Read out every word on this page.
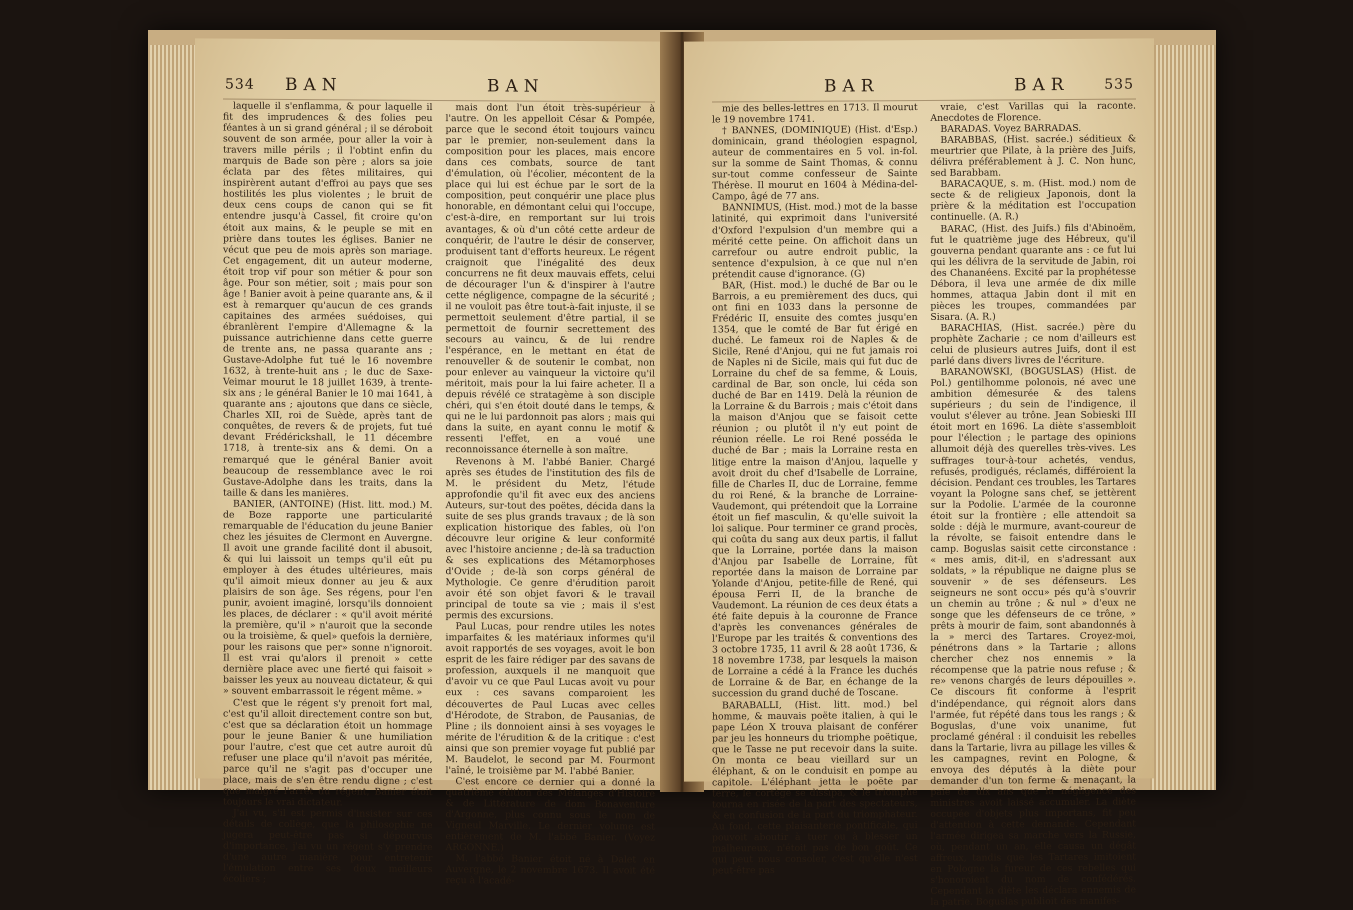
534 BAN	BAN

laquelle il s'enflamma, & pour laquelle il fit des imprudences & des folies peu féantes à un si grand général ; il se déroboit souvent de son armée, pour aller la voir à travers mille périls ; il l'obtint enfin du marquis de Bade son père ; alors sa joie éclata par des fêtes militaires, qui inspirèrent autant d'effroi au pays que ses hostilités les plus violentes ; le bruit de deux cens coups de canon qui se fit entendre jusqu'à Cassel, fit croire qu'on étoit aux mains, & le peuple se mit en prière dans toutes les églises. Banier ne vécut que peu de mois après son mariage. Cet engagement, dit un auteur moderne, étoit trop vif pour son métier & pour son âge. Pour son métier, soit ; mais pour son âge ! Banier avoit à peine quarante ans, & il est à remarquer qu'aucun de ces grands capitaines des armées suédoises, qui ébranlèrent l'empire d'Allemagne & la puissance autrichienne dans cette guerre de trente ans, ne passa quarante ans ; Gustave-Adolphe fut tué le 16 novembre 1632, à trente-huit ans ; le duc de Saxe-Veimar mourut le 18 juillet 1639, à trente-six ans ; le général Banier le 10 mai 1641, à quarante ans ; ajoutons que dans ce siècle, Charles XII, roi de Suède, après tant de conquêtes, de revers & de projets, fut tué devant Frédérickshall, le 11 décembre 1718, à trente-six ans & demi. On a remarqué que le général Banier avoit beaucoup de ressemblance avec le roi Gustave-Adolphe dans les traits, dans la taille & dans les manières.

BANIER, (ANTOINE) (Hist. litt. mod.) M. de Boze rapporte une particularité remarquable de l'éducation du jeune Banier chez les jésuites de Clermont en Auvergne. Il avoit une grande facilité dont il abusoit, & qui lui laissoit un temps qu'il eût pu employer à des études ultérieures, mais qu'il aimoit mieux donner au jeu & aux plaisirs de son âge. Ses régens, pour l'en punir, avoient imaginé, lorsqu'ils donnoient les places, de déclarer : « qu'il avoit mérité la première, qu'il » n'auroit que la seconde ou la troisième, & quel» quefois la dernière, pour les raisons que per» sonne n'ignoroit. Il est vrai qu'alors il prenoit » cette dernière place avec une fierté qui faisoit » baisser les yeux au nouveau dictateur, & qui » souvent embarrassoit le régent même. »

C'est que le régent s'y prenoit fort mal, c'est qu'il alloit directement contre son but, c'est que sa déclaration étoit un hommage pour le jeune Banier & une humiliation pour l'autre, c'est que cet autre auroit dû refuser une place qu'il n'avoit pas méritée, parce qu'il ne s'agit pas d'occuper une place, mais de s'en être rendu digne ; c'est que malgré l'arrêt du régent, Banier étoit toujours le vrai dictateur.

J'ai vu, s'il est permis d'insister sur ces détails de collège, que la philosophie ne jugera peut-être pas si dépourvus d'importance, j'ai vu un régent s'y prendre d'une autre manière pour entretenir l'émulation entre ses deux meilleurs écoliers ;

mais dont l'un étoit très-supérieur à l'autre. On les appelloit César & Pompée, parce que le second étoit toujours vaincu par le premier, non-seulement dans la composition pour les places, mais encore dans ces combats, source de tant d'émulation, où l'écolier, mécontent de la place qui lui est échue par le sort de la composition, peut conquérir une place plus honorable, en démontant celui qui l'occupe, c'est-à-dire, en remportant sur lui trois avantages, & où d'un côté cette ardeur de conquérir, de l'autre le désir de conserver, produisent tant d'efforts heureux. Le régent craignoit que l'inégalité des deux concurrens ne fit deux mauvais effets, celui de décourager l'un & d'inspirer à l'autre cette négligence, compagne de la sécurité ; il ne vouloit pas être tout-à-fait injuste, il se permettoit seulement d'être partial, il se permettoit de fournir secrettement des secours au vaincu, & de lui rendre l'espérance, en le mettant en état de renouveller & de soutenir le combat, non pour enlever au vainqueur la victoire qu'il méritoit, mais pour la lui faire acheter. Il a depuis révélé ce stratagème à son disciple chéri, qui s'en étoit douté dans le temps, & qui ne le lui pardonnoit pas alors ; mais qui dans la suite, en ayant connu le motif & ressenti l'effet, en a voué une reconnoissance éternelle à son maître.

Revenons à M. l'abbé Banier. Chargé après ses études de l'institution des fils de M. le président du Metz, l'étude approfondie qu'il fit avec eux des anciens Auteurs, sur-tout des poëtes, décida dans la suite de ses plus grands travaux ; de là son explication historique des fables, où l'on découvre leur origine & leur conformité avec l'histoire ancienne ; de-là sa traduction & ses explications des Métamorphoses d'Ovide ; de-là son corps général de Mythologie. Ce genre d'érudition paroit avoir été son objet favori & le travail principal de toute sa vie ; mais il s'est permis des excursions.

Paul Lucas, pour rendre utiles les notes imparfaites & les matériaux informes qu'il avoit rapportés de ses voyages, avoit le bon esprit de les faire rédiger par des savans de profession, auxquels il ne manquoit que d'avoir vu ce que Paul Lucas avoit vu pour eux : ces savans comparoient les découvertes de Paul Lucas avec celles d'Hérodote, de Strabon, de Pausanias, de Pline ; ils donnoient ainsi à ses voyages le mérite de l'érudition & de la critique : c'est ainsi que son premier voyage fut publié par M. Baudelot, le second par M. Fourmont l'aîné, le troisième par M. l'abbé Banier.

C'est encore ce dernier qui a donné la quatrième édition des Mélanges d'Histoire & de Littérature de dom Bonaventure d'Argonne, plus connu sous le nom de Vigneul Marville. Le dernier volume est entièrement de M. l'abbé Banier. (Voyez ARGONNE.)

M. l'abbé Banier étoit né à Dalet en Auvergne, le 2 novembre 1673. Il avoit été reçu à l'acadé-

BAR	BAR 535

mie des belles-lettres en 1713. Il mourut le 19 novembre 1741.

† BANNES, (DOMINIQUE) (Hist. d'Esp.) dominicain, grand théologien espagnol, auteur de commentaires en 5 vol. in-fol. sur la somme de Saint Thomas, & connu sur-tout comme confesseur de Sainte Thérèse. Il mourut en 1604 à Médina-del-Campo, âgé de 77 ans.

BANNIMUS, (Hist. mod.) mot de la basse latinité, qui exprimoit dans l'université d'Oxford l'expulsion d'un membre qui a mérité cette peine. On affichoit dans un carrefour ou autre endroit public, la sentence d'expulsion, à ce que nul n'en prétendit cause d'ignorance. (G)

BAR, (Hist. mod.) le duché de Bar ou le Barrois, a eu premièrement des ducs, qui ont fini en 1033 dans la personne de Frédéric II, ensuite des comtes jusqu'en 1354, que le comté de Bar fut érigé en duché. Le fameux roi de Naples & de Sicile, René d'Anjou, qui ne fut jamais roi de Naples ni de Sicile, mais qui fut duc de Lorraine du chef de sa femme, & Louis, cardinal de Bar, son oncle, lui céda son duché de Bar en 1419. Delà la réunion de la Lorraine & du Barrois ; mais c'étoit dans la maison d'Anjou que se faisoit cette réunion ; ou plutôt il n'y eut point de réunion réelle. Le roi René posséda le duché de Bar ; mais la Lorraine resta en litige entre la maison d'Anjou, laquelle y avoit droit du chef d'Isabelle de Lorraine, fille de Charles II, duc de Lorraine, femme du roi René, & la branche de Lorraine-Vaudemont, qui prétendoit que la Lorraine étoit un fief masculin, & qu'elle suivoit la loi salique. Pour terminer ce grand procès, qui coûta du sang aux deux partis, il fallut que la Lorraine, portée dans la maison d'Anjou par Isabelle de Lorraine, fût reportée dans la maison de Lorraine par Yolande d'Anjou, petite-fille de René, qui épousa Ferri II, de la branche de Vaudemont. La réunion de ces deux états a été faite depuis à la couronne de France d'après les convenances générales de l'Europe par les traités & conventions des 3 octobre 1735, 11 avril & 28 août 1736, & 18 novembre 1738, par lesquels la maison de Lorraine a cédé à la France les duchés de Lorraine & de Bar, en échange de la succession du grand duché de Toscane.

BARABALLI, (Hist. litt. mod.) bel homme, & mauvais poëte italien, à qui le pape Léon X trouva plaisant de conférer par jeu les honneurs du triomphe poëtique, que le Tasse ne put recevoir dans la suite. On monta ce beau vieillard sur un éléphant, & on le conduisit en pompe au capitole. L'éléphant jetta le poëte par terre, le cortège se dissipa, & le triomphe tourna en risée de la part des spectateurs, & en confusion de la part du triomphateur. Au fond, cette plaisanterie pontificale, qui pouvoit aboutir à tuer ou à blesser un malheureux, n'étoit pas de bon goût. Ce qui peut nous consoler, c'est qu'elle n'est peut-être pas

vraie, c'est Varillas qui la raconte. Anecdotes de Florence.

BARADAS. Voyez BARRADAS.

BARABBAS, (Hist. sacrée.) séditieux & meurtrier que Pilate, à la prière des Juifs, délivra préférablement à J. C. Non hunc, sed Barabbam.

BARACAQUE, s. m. (Hist. mod.) nom de secte & de religieux Japonois, dont la prière & la méditation est l'occupation continuelle. (A. R.)

BARAC, (Hist. des Juifs.) fils d'Abinoëm, fut le quatrième juge des Hébreux, qu'il gouverna pendant quarante ans : ce fut lui qui les délivra de la servitude de Jabin, roi des Chananéens. Excité par la prophétesse Débora, il leva une armée de dix mille hommes, attaqua Jabin dont il mit en pièces les troupes, commandées par Sisara. (A. R.)

BARACHIAS, (Hist. sacrée.) père du prophète Zacharie ; ce nom d'ailleurs est celui de plusieurs autres Juifs, dont il est parlé dans divers livres de l'écriture.

BARANOWSKI, (BOGUSLAS) (Hist. de Pol.) gentilhomme polonois, né avec une ambition démesurée & des talens supérieurs ; du sein de l'indigence, il voulut s'élever au trône. Jean Sobieski III étoit mort en 1696. La diète s'assembloit pour l'élection ; le partage des opinions allumoit déjà des querelles très-vives. Les suffrages tour-à-tour achetés, vendus, refusés, prodigués, réclamés, différoient la décision. Pendant ces troubles, les Tartares voyant la Pologne sans chef, se jettèrent sur la Podolie. L'armée de la couronne étoit sur la frontière ; elle attendoit sa solde : déjà le murmure, avant-coureur de la révolte, se faisoit entendre dans le camp. Boguslas saisit cette circonstance : « mes amis, dit-il, en s'adressant aux soldats, » la république ne daigne plus se souvenir » de ses défenseurs. Les seigneurs ne sont occu» pés qu'à s'ouvrir un chemin au trône ; & nul » d'eux ne songe que les défenseurs de ce trône, » prêts à mourir de faim, sont abandonnés à la » merci des Tartares. Croyez-moi, pénétrons dans » la Tartarie ; allons chercher chez nos ennemis » la récompense que la patrie nous refuse ; & re» venons chargés de leurs dépouilles ». Ce discours fit conforme à l'esprit d'indépendance, qui régnoit alors dans l'armée, fut répété dans tous les rangs ; & Boguslas, d'une voix unanime, fut proclamé général : il conduisit les rebelles dans la Tartarie, livra au pillage les villes & les campagnes, revint en Pologne, & envoya des députés à la diète pour demander d'un ton ferme & menaçant, la paie de dix ans que la négligence des ministres avoit laissé accumuler. La diète occupée d'objets plus importans, fit peu d'attention à cette demande. Cependant l'armée dirigea sa marche vers la Russie, où, pendant un an, elle causa un dégât affreux, tandis que les Tartares imitoient en Pologne la fureur de ces rebelles qui s'honoroient du nom de confédérés. Cependant la diète les déclara ennemis de la patrie. Boguslas publioit des manifes-
